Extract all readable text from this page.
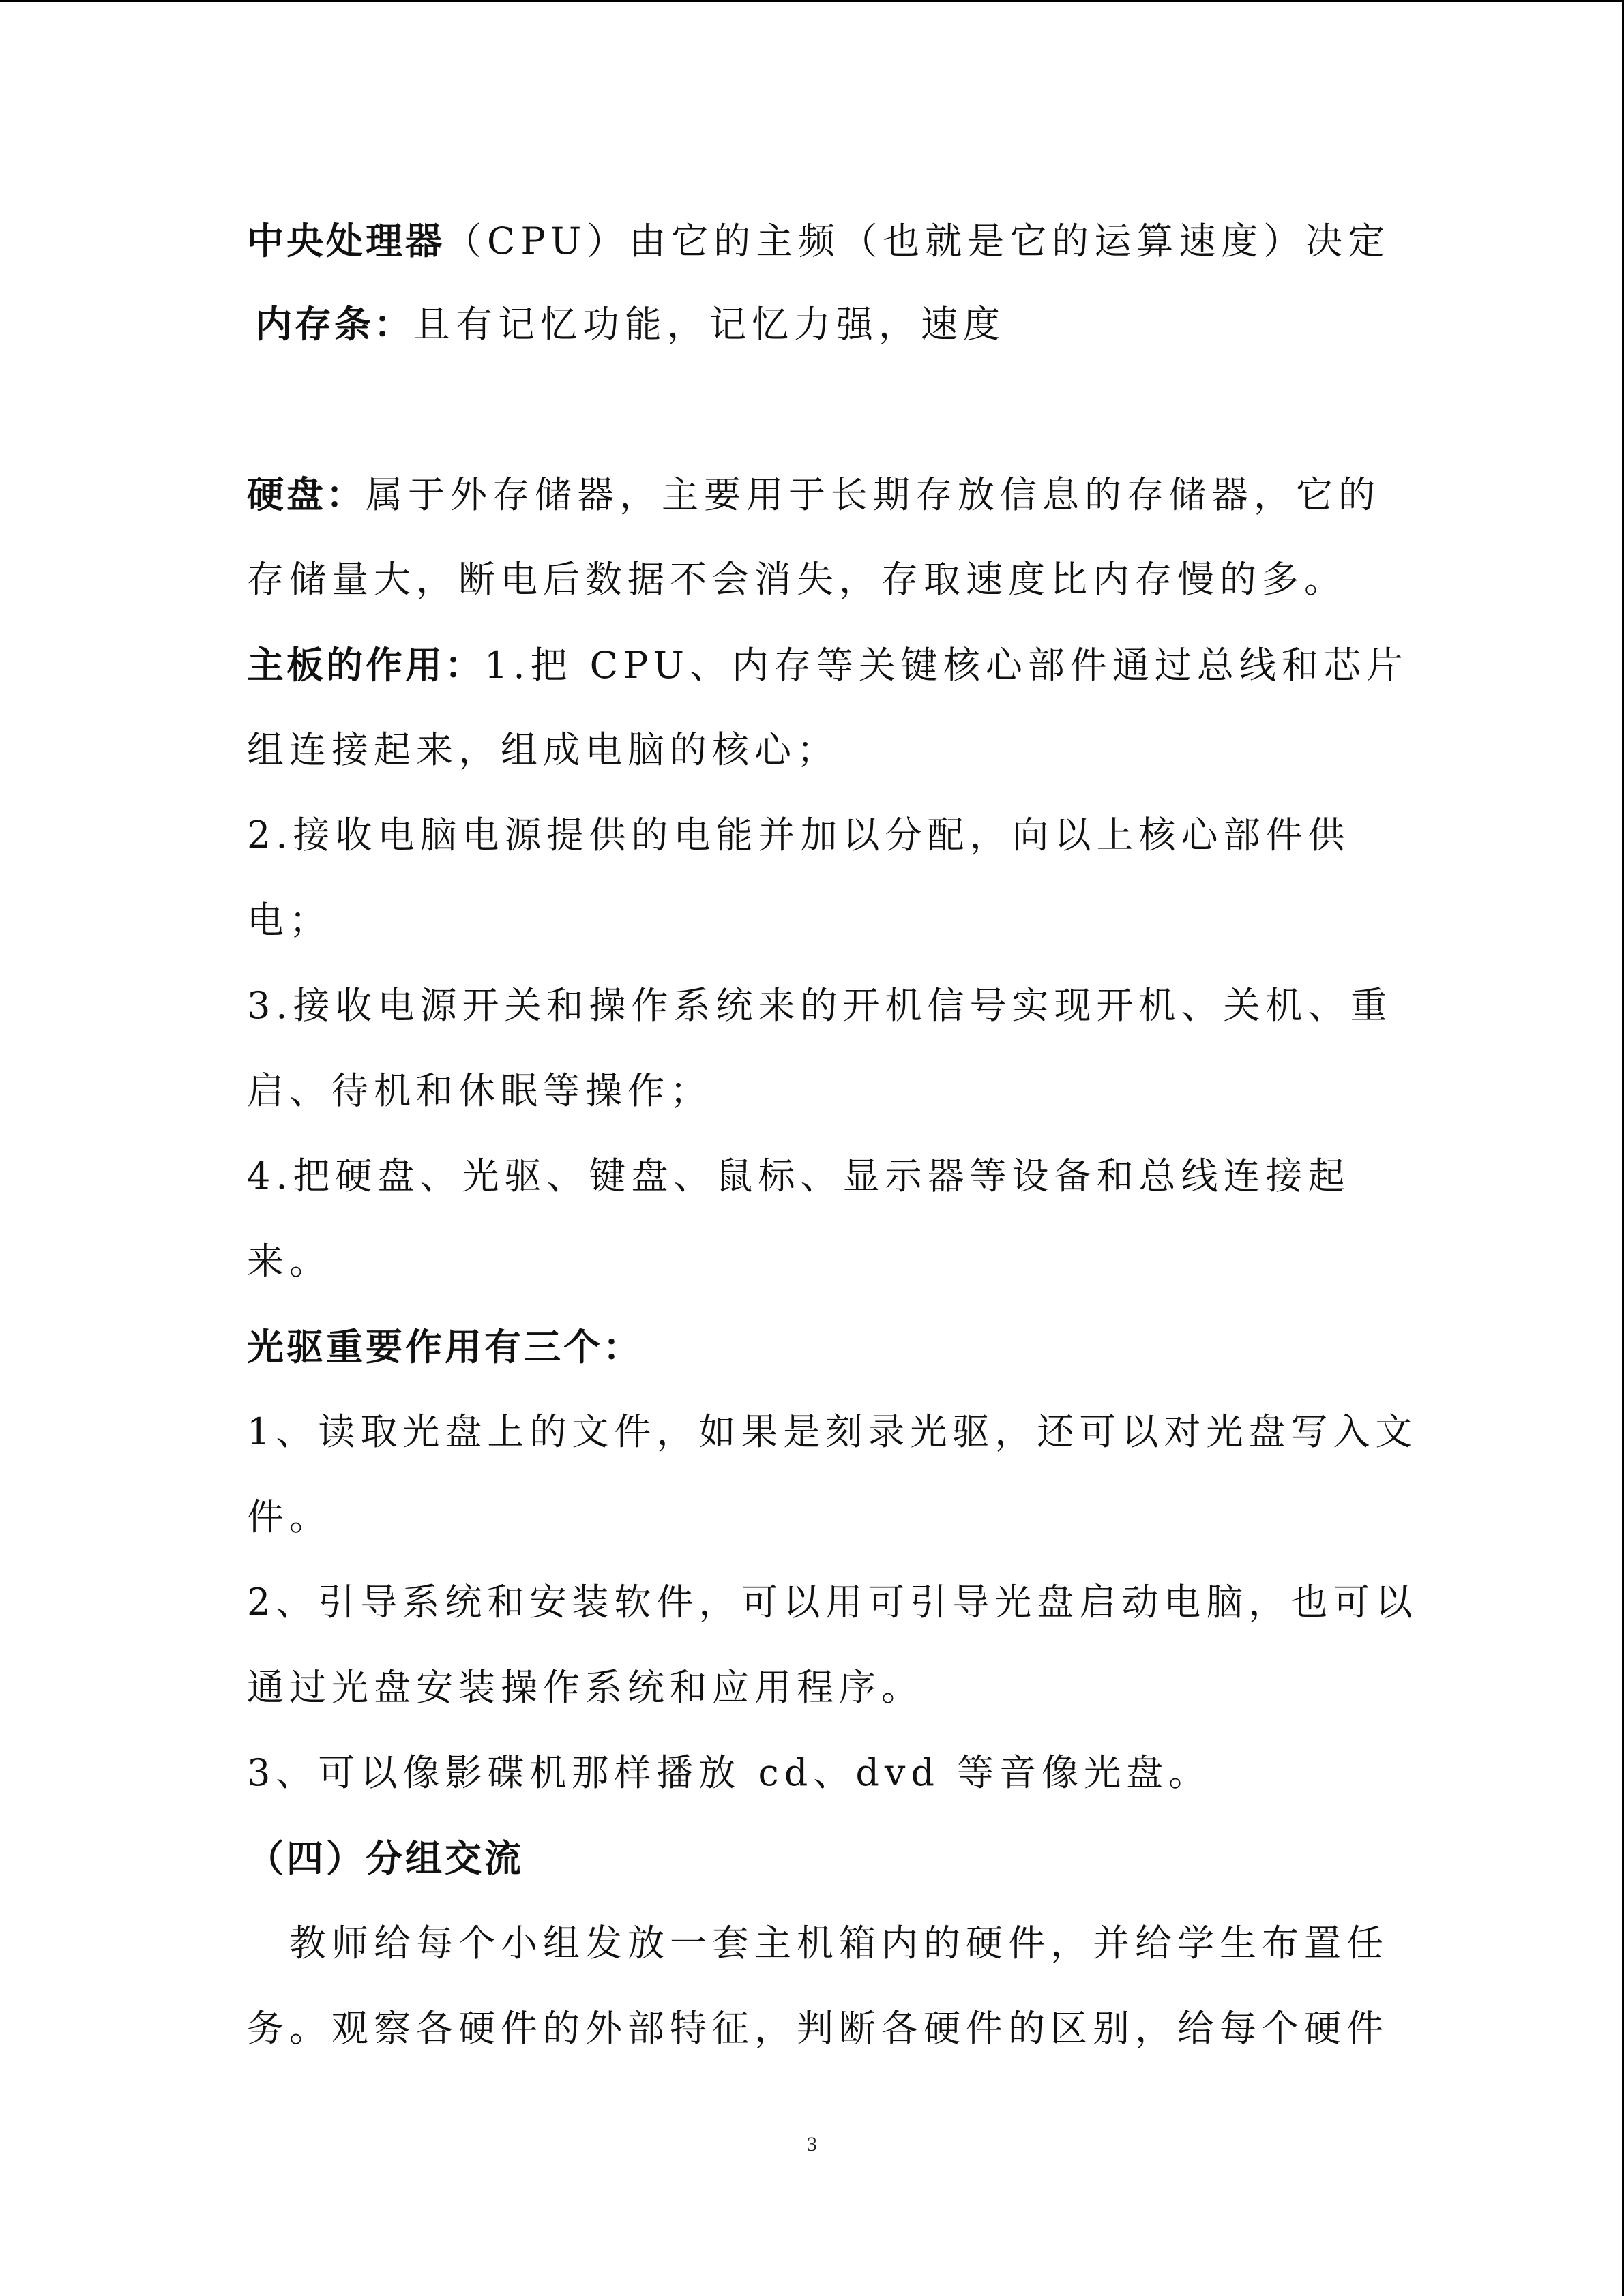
中央处理器（CPU）由它的主频（也就是它的运算速度）决定
内存条：且有记忆功能，记忆力强，速度
硬盘：属于外存储器，主要用于长期存放信息的存储器，它的
存储量大，断电后数据不会消失，存取速度比内存慢的多。
主板的作用：1.把 CPU、内存等关键核心部件通过总线和芯片
组连接起来，组成电脑的核心；
2.接收电脑电源提供的电能并加以分配，向以上核心部件供
电；
3.接收电源开关和操作系统来的开机信号实现开机、关机、重
启、待机和休眠等操作；
4.把硬盘、光驱、键盘、鼠标、显示器等设备和总线连接起
来。
光驱重要作用有三个：
1、读取光盘上的文件，如果是刻录光驱，还可以对光盘写入文
件。
2、引导系统和安装软件，可以用可引导光盘启动电脑，也可以
通过光盘安装操作系统和应用程序。
3、可以像影碟机那样播放 cd、dvd 等音像光盘。
（四）分组交流
　教师给每个小组发放一套主机箱内的硬件，并给学生布置任
务。观察各硬件的外部特征，判断各硬件的区别，给每个硬件
3
